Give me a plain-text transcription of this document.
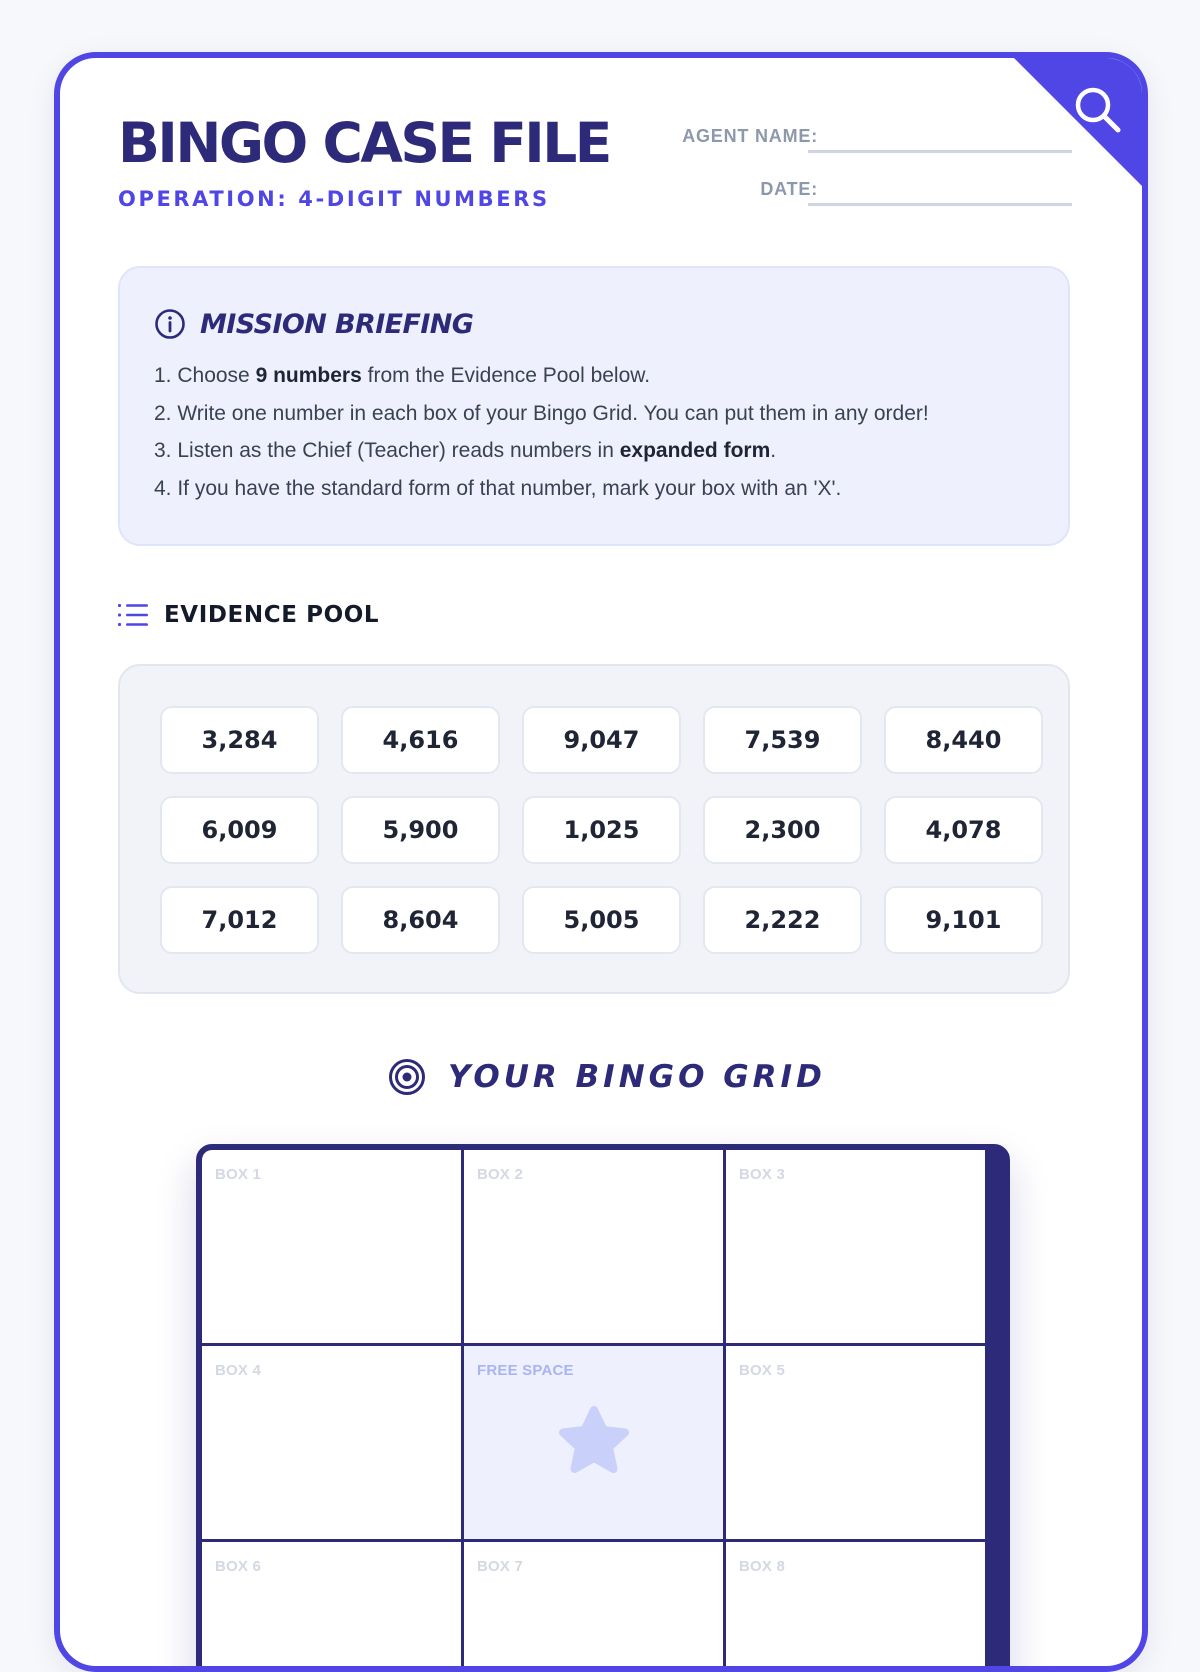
BINGO CASE FILE
OPERATION: 4-DIGIT NUMBERS
AGENT NAME:
DATE:
MISSION BRIEFING
1. Choose 9 numbers from the Evidence Pool below.
2. Write one number in each box of your Bingo Grid. You can put them in any order!
3. Listen as the Chief (Teacher) reads numbers in expanded form.
4. If you have the standard form of that number, mark your box with an 'X'.
EVIDENCE POOL
3,284	4,616	9,047	7,539	8,440
6,009	5,900	1,025	2,300	4,078
7,012	8,604	5,005	2,222	9,101
YOUR BINGO GRID
BOX 1	BOX 2	BOX 3
BOX 4	FREE SPACE	BOX 5
BOX 6	BOX 7	BOX 8
